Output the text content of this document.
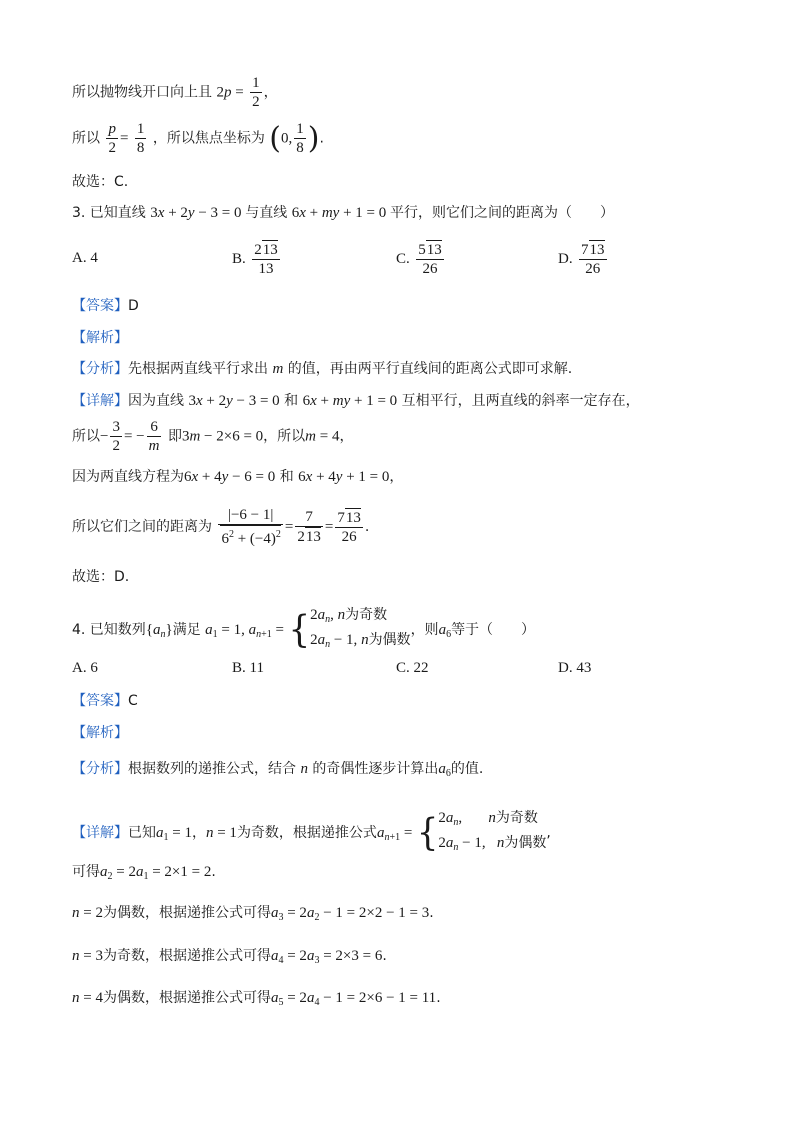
所以抛物线开口向上且 $2p = \frac{1}{2}$ ，
所以 $\frac{p}{2} = \frac{1}{8}$ ，所以焦点坐标为 (0, $\frac{1}{8}$ ).
故选：C.
3. 已知直线 3x + 2y − 3 = 0 与直线 6x + my + 1 = 0 平行，则它们之间的距离为（　　）
A. 4	B. $\frac{213}{13}$	C. $\frac{513}{26}$	D. $\frac{713}{26}$
【答案】D
【解析】
【分析】先根据两直线平行求出 m 的值，再由两平行直线间的距离公式即可求解.
【详解】因为直线 3x + 2y − 3 = 0 和 6x + my + 1 = 0 互相平行，且两直线的斜率一定存在，
所以− $\frac{3}{2}$ = − $\frac{6}{m}$ 即3m − 2×6 = 0，所以m = 4，
因为两直线方程为6x + 4y − 6 = 0 和 6x + 4y + 1 = 0，
所以它们之间的距离为 $\frac{|-6 - 1|}{6^2 + (-4)^2} = \frac{7}{213} = \frac{713}{26}$ .
故选：D.
4. 已知数列$\{a_n\}$满足 $a_1 = 1$, $a_{n+1}$ = { $2a_n$, n为奇数
$2a_n - 1$, n为偶数
，则$a_6$等于（　　）
A. 6	B. 11	C. 22	D. 43
【答案】C
【解析】
【分析】根据数列的递推公式，结合 n 的奇偶性逐步计算出$a_6$的值.
【详解】已知$a_1 = 1$，n = 1为奇数，根据递推公式$a_{n+1}$ = { $2a_n$,       n为奇数
$2a_n - 1$,   n为偶数
,
可得$a_2 = 2a_1 = 2\times 1 = 2$.
n = 2为偶数，根据递推公式可得$a_3 = 2a_2 - 1 = 2\times 2 - 1 = 3$.
n = 3为奇数，根据递推公式可得$a_4 = 2a_3 = 2\times 3 = 6$.
n = 4为偶数，根据递推公式可得$a_5 = 2a_4 - 1 = 2\times 6 - 1 = 11$.
